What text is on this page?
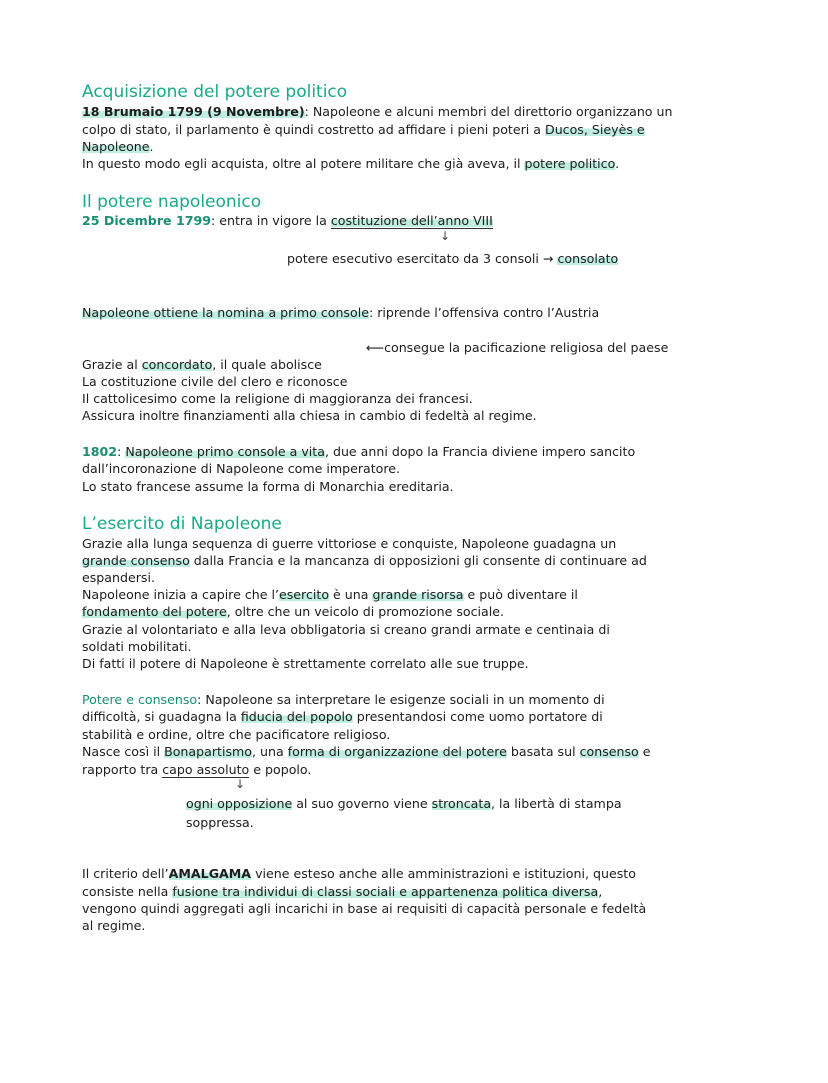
Acquisizione del potere politico

18 Brumaio 1799 (9 Novembre): Napoleone e alcuni membri del direttorio organizzano un

colpo di stato, il parlamento è quindi costretto ad affidare i pieni poteri a Ducos, Sieyès e

Napoleone.

In questo modo egli acquista, oltre al potere militare che già aveva, il potere politico.

Il potere napoleonico

25 Dicembre 1799: entra in vigore la costituzione dell’anno VIII

↓

potere esecutivo esercitato da 3 consoli → consolato

Napoleone ottiene la nomina a primo console: riprende l’offensiva contro l’Austria

⟵consegue la pacificazione religiosa del paese

Grazie al concordato, il quale abolisce

La costituzione civile del clero e riconosce

Il cattolicesimo come la religione di maggioranza dei francesi.

Assicura inoltre finanziamenti alla chiesa in cambio di fedeltà al regime.

1802: Napoleone primo console a vita, due anni dopo la Francia diviene impero sancito

dall’incoronazione di Napoleone come imperatore.

Lo stato francese assume la forma di Monarchia ereditaria.

L’esercito di Napoleone

Grazie alla lunga sequenza di guerre vittoriose e conquiste, Napoleone guadagna un

grande consenso dalla Francia e la mancanza di opposizioni gli consente di continuare ad

espandersi.

Napoleone inizia a capire che l’esercito è una grande risorsa e può diventare il

fondamento del potere, oltre che un veicolo di promozione sociale.

Grazie al volontariato e alla leva obbligatoria si creano grandi armate e centinaia di

soldati mobilitati.

Di fatti il potere di Napoleone è strettamente correlato alle sue truppe.

Potere e consenso: Napoleone sa interpretare le esigenze sociali in un momento di

difficoltà, si guadagna la fiducia del popolo presentandosi come uomo portatore di

stabilità e ordine, oltre che pacificatore religioso.

Nasce così il Bonapartismo, una forma di organizzazione del potere basata sul consenso e

rapporto tra capo assoluto e popolo.

↓

ogni opposizione al suo governo viene stroncata, la libertà di stampa

soppressa.

Il criterio dell’AMALGAMA viene esteso anche alle amministrazioni e istituzioni, questo

consiste nella fusione tra individui di classi sociali e appartenenza politica diversa,

vengono quindi aggregati agli incarichi in base ai requisiti di capacità personale e fedeltà

al regime.
